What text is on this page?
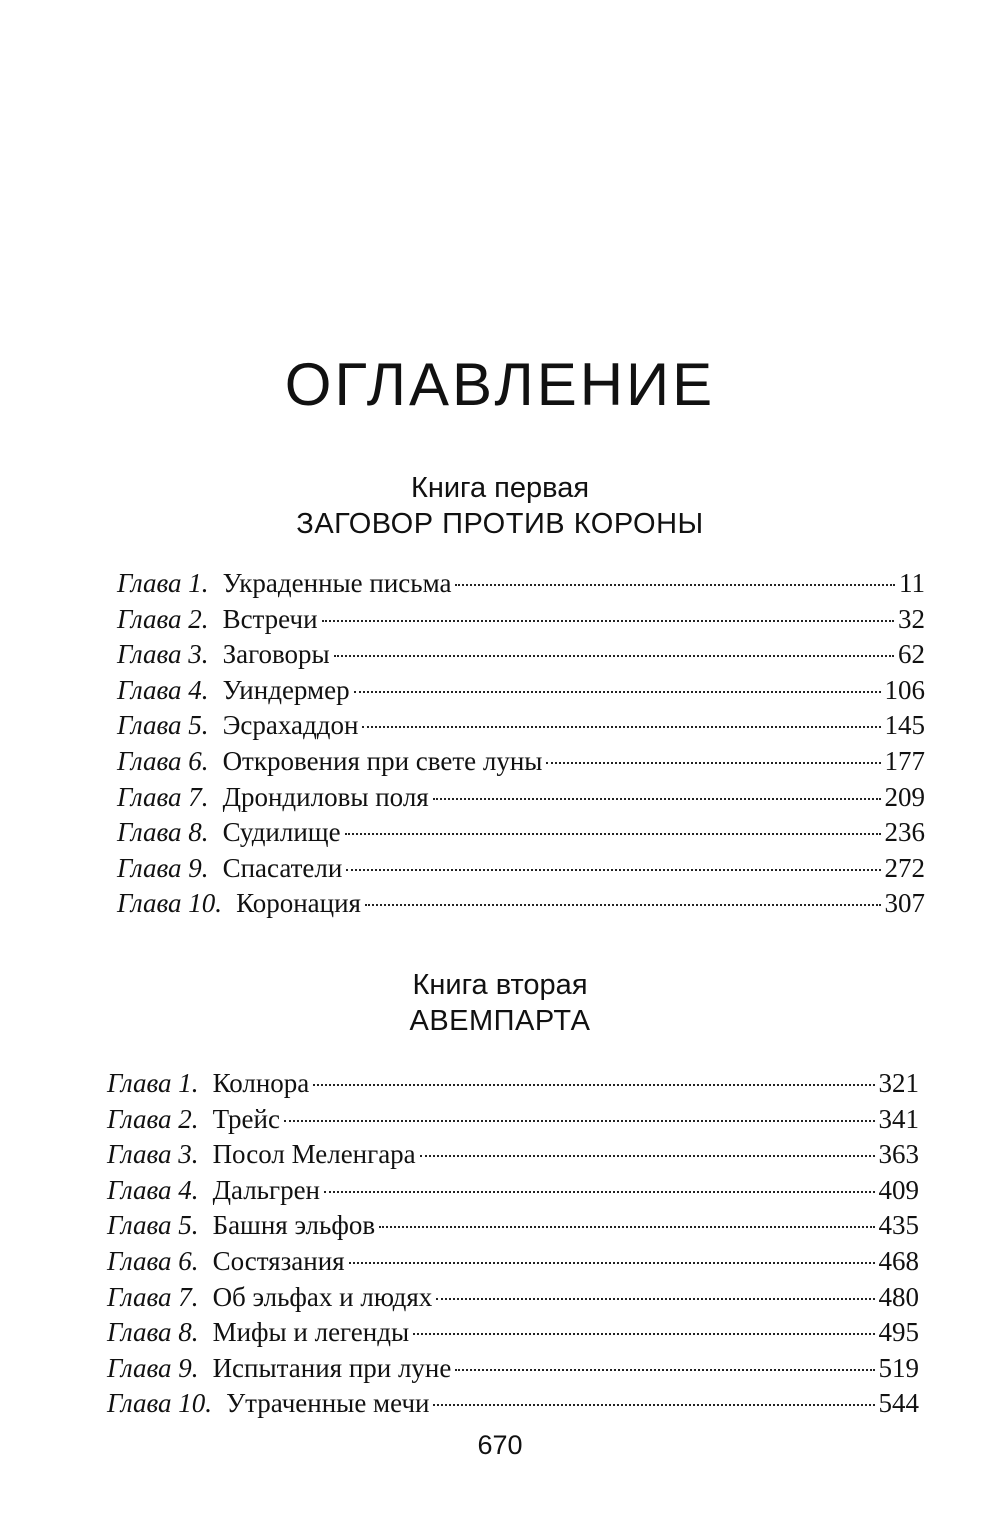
ОГЛАВЛЕНИЕ
Книга первая
ЗАГОВОР ПРОТИВ КОРОНЫ
Глава 1. Украденные письма	11
Глава 2. Встречи	32
Глава 3. Заговоры	62
Глава 4. Уиндермер	106
Глава 5. Эсрахаддон	145
Глава 6. Откровения при свете луны	177
Глава 7. Дрондиловы поля	209
Глава 8. Судилище	236
Глава 9. Спасатели	272
Глава 10. Коронация	307
Книга вторая
АВЕМПАРТА
Глава 1. Колнора	321
Глава 2. Трейс	341
Глава 3. Посол Меленгара	363
Глава 4. Дальгрен	409
Глава 5. Башня эльфов	435
Глава 6. Состязания	468
Глава 7. Об эльфах и людях	480
Глава 8. Мифы и легенды	495
Глава 9. Испытания при луне	519
Глава 10. Утраченные мечи	544
670
